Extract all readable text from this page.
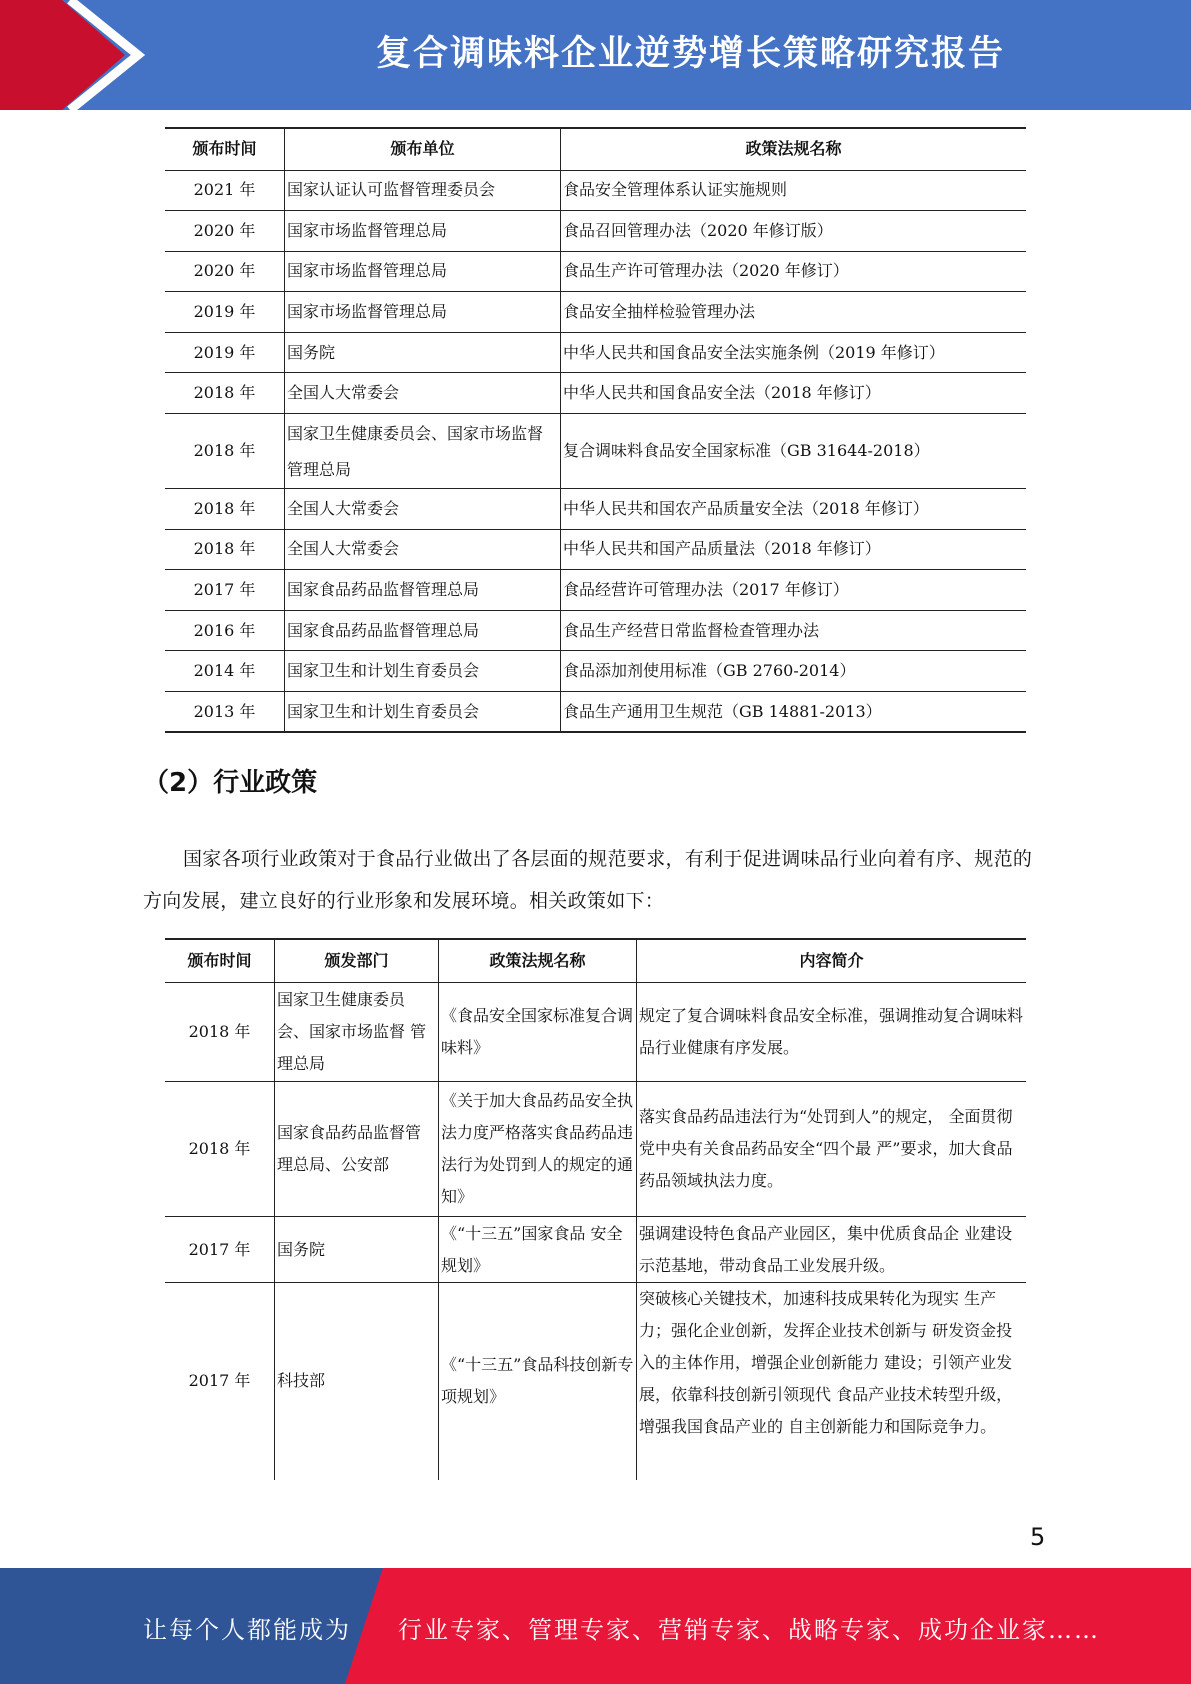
复合调味料企业逆势增长策略研究报告
颁布时间	颁布单位	政策法规名称
2021 年	国家认证认可监督管理委员会	食品安全管理体系认证实施规则
2020 年	国家市场监督管理总局	食品召回管理办法（2020 年修订版）
2020 年	国家市场监督管理总局	食品生产许可管理办法（2020 年修订）
2019 年	国家市场监督管理总局	食品安全抽样检验管理办法
2019 年	国务院	中华人民共和国食品安全法实施条例（2019 年修订）
2018 年	全国人大常委会	中华人民共和国食品安全法（2018 年修订）
2018 年	国家卫生健康委员会、国家市场监督管理总局	复合调味料食品安全国家标准（GB 31644-2018）
2018 年	全国人大常委会	中华人民共和国农产品质量安全法（2018 年修订）
2018 年	全国人大常委会	中华人民共和国产品质量法（2018 年修订）
2017 年	国家食品药品监督管理总局	食品经营许可管理办法（2017 年修订）
2016 年	国家食品药品监督管理总局	食品生产经营日常监督检查管理办法
2014 年	国家卫生和计划生育委员会	食品添加剂使用标准（GB 2760-2014）
2013 年	国家卫生和计划生育委员会	食品生产通用卫生规范（GB 14881-2013）
（2）行业政策
国家各项行业政策对于食品行业做出了各层面的规范要求，有利于促进调味品行业向着有序、规范的方向发展，建立良好的行业形象和发展环境。相关政策如下：
颁布时间	颁发部门	政策法规名称	内容简介
2018 年	国家卫生健康委员会、国家市场监督 管理总局	《食品安全国家标准复合调味料》	规定了复合调味料食品安全标准，强调推动复合调味料品行业健康有序发展。
2018 年	国家食品药品监督管理总局、公安部	《关于加大食品药品安全执法力度严格落实食品药品违法行为处罚到人的规定的通知》	落实食品药品违法行为“处罚到人”的规定， 全面贯彻党中央有关食品药品安全“四个最 严”要求，加大食品药品领域执法力度。
2017 年	国务院	《“十三五”国家食品 安全规划》	强调建设特色食品产业园区，集中优质食品企 业建设示范基地，带动食品工业发展升级。
2017 年	科技部	《“十三五”食品科技创新专项规划》	突破核心关键技术，加速科技成果转化为现实 生产力；强化企业创新，发挥企业技术创新与 研发资金投入的主体作用，增强企业创新能力 建设；引领产业发展，依靠科技创新引领现代 食品产业技术转型升级，增强我国食品产业的 自主创新能力和国际竞争力。
5
让每个人都能成为 行业专家、管理专家、营销专家、战略专家、成功企业家……
